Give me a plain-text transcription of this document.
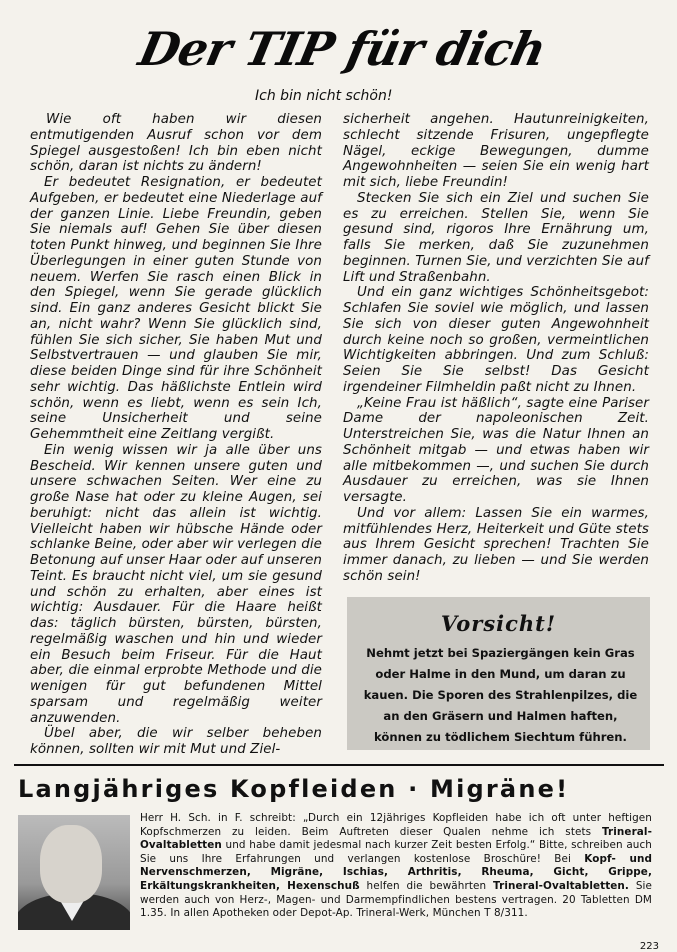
Der TIP für dich
Ich bin nicht schön!

Wie oft haben wir diesen entmutigenden Ausruf schon vor dem Spiegel ausgestoßen! Ich bin eben nicht schön, daran ist nichts zu ändern!

Er bedeutet Resignation, er bedeutet Aufgeben, er bedeutet eine Niederlage auf der ganzen Linie. Liebe Freundin, geben Sie niemals auf! Gehen Sie über diesen toten Punkt hinweg, und beginnen Sie Ihre Überlegungen in einer guten Stunde von neuem. Werfen Sie rasch einen Blick in den Spiegel, wenn Sie gerade glücklich sind. Ein ganz anderes Gesicht blickt Sie an, nicht wahr? Wenn Sie glücklich sind, fühlen Sie sich sicher, Sie haben Mut und Selbstvertrauen — und glauben Sie mir, diese beiden Dinge sind für ihre Schönheit sehr wichtig. Das häßlichste Entlein wird schön, wenn es liebt, wenn es sein Ich, seine Unsicherheit und seine Gehemmtheit eine Zeitlang vergißt.

Ein wenig wissen wir ja alle über uns Bescheid. Wir kennen unsere guten und unsere schwachen Seiten. Wer eine zu große Nase hat oder zu kleine Augen, sei beruhigt: nicht das allein ist wichtig. Vielleicht haben wir hübsche Hände oder schlanke Beine, oder aber wir verlegen die Betonung auf unser Haar oder auf unseren Teint. Es braucht nicht viel, um sie gesund und schön zu erhalten, aber eines ist wichtig: Ausdauer. Für die Haare heißt das: täglich bürsten, bürsten, bürsten, regelmäßig waschen und hin und wieder ein Besuch beim Friseur. Für die Haut aber, die einmal erprobte Methode und die wenigen für gut befundenen Mittel sparsam und regelmäßig weiter anzuwenden.

Übel aber, die wir selber beheben können, sollten wir mit Mut und Ziel-

sicherheit angehen. Hautunreinigkeiten, schlecht sitzende Frisuren, ungepflegte Nägel, eckige Bewegungen, dumme Angewohnheiten — seien Sie ein wenig hart mit sich, liebe Freundin!

Stecken Sie sich ein Ziel und suchen Sie es zu erreichen. Stellen Sie, wenn Sie gesund sind, rigoros Ihre Ernährung um, falls Sie merken, daß Sie zuzunehmen beginnen. Turnen Sie, und verzichten Sie auf Lift und Straßenbahn.

Und ein ganz wichtiges Schönheitsgebot: Schlafen Sie soviel wie möglich, und lassen Sie sich von dieser guten Angewohnheit durch keine noch so großen, vermeintlichen Wichtigkeiten abbringen. Und zum Schluß: Seien Sie Sie selbst! Das Gesicht irgendeiner Filmheldin paßt nicht zu Ihnen.

„Keine Frau ist häßlich“, sagte eine Pariser Dame der napoleonischen Zeit. Unterstreichen Sie, was die Natur Ihnen an Schönheit mitgab — und etwas haben wir alle mitbekommen —, und suchen Sie durch Ausdauer zu erreichen, was sie Ihnen versagte.

Und vor allem: Lassen Sie ein warmes, mitfühlendes Herz, Heiterkeit und Güte stets aus Ihrem Gesicht sprechen! Trachten Sie immer danach, zu lieben — und Sie werden schön sein!

Vorsicht!
Nehmt jetzt bei Spaziergängen kein Gras oder Halme in den Mund, um daran zu kauen. Die Sporen des Strahlenpilzes, die an den Gräsern und Halmen haften, können zu tödlichem Siechtum führen.
Langjähriges Kopfleiden · Migräne!
Herr H. Sch. in F. schreibt: „Durch ein 12jähriges Kopfleiden habe ich oft unter heftigen Kopfschmerzen zu leiden. Beim Auftreten dieser Qualen nehme ich stets Trineral-Ovaltabletten und habe damit jedesmal nach kurzer Zeit besten Erfolg.“ Bitte, schreiben auch Sie uns Ihre Erfahrungen und verlangen kostenlose Broschüre! Bei Kopf- und Nervenschmerzen, Migräne, Ischias, Arthritis, Rheuma, Gicht, Grippe, Erkältungskrankheiten, Hexenschuß helfen die bewährten Trineral-Ovaltabletten. Sie werden auch von Herz-, Magen- und Darmempfindlichen bestens vertragen. 20 Tabletten DM 1.35. In allen Apotheken oder Depot-Ap. Trineral-Werk, München T 8/311.
223
